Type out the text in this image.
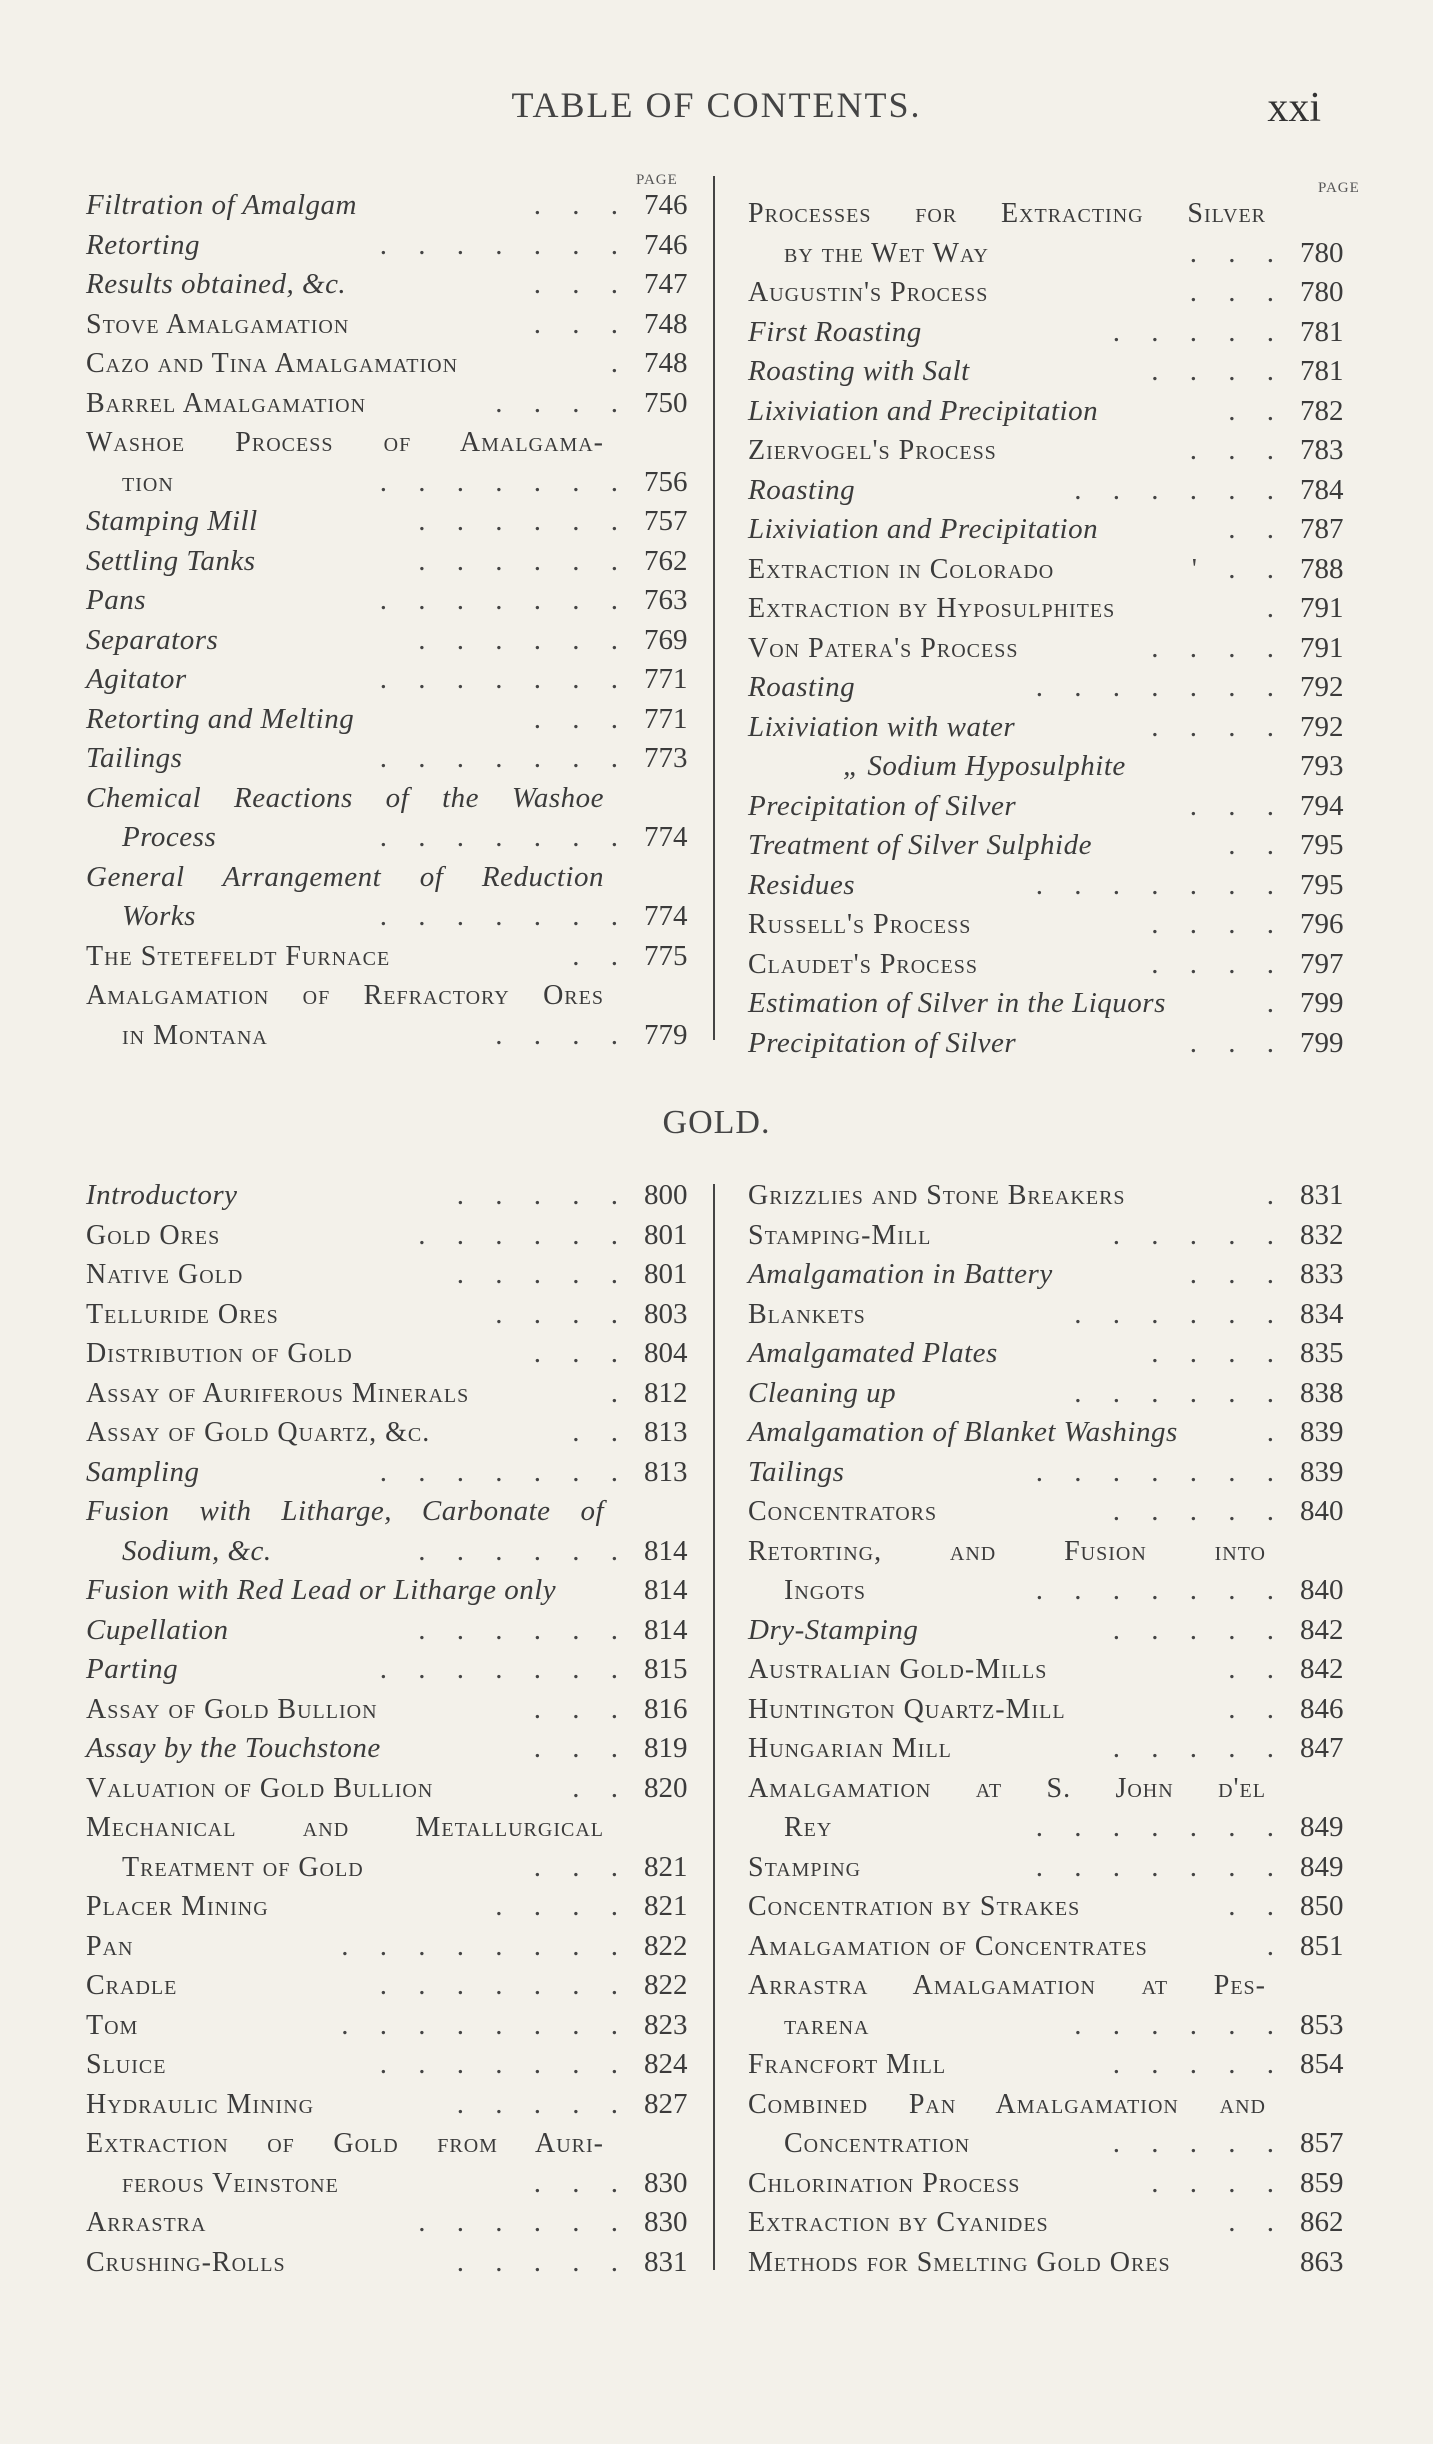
TABLE OF CONTENTS.	xxi
PAGE	PAGE
Filtration of Amalgam	. . . 746
Retorting	. . . . . . . 746
Results obtained, &c.	. . . 747
Stove Amalgamation	. . . 748
Cazo and Tina Amalgamation	. 748
Barrel Amalgamation	. . . . 750
Washoe Process of Amalgama-
tion	. . . . . . . 756
Stamping Mill	. . . . . . 757
Settling Tanks	. . . . . . 762
Pans	. . . . . . . 763
Separators	. . . . . . 769
Agitator	. . . . . . . 771
Retorting and Melting	. . . 771
Tailings	. . . . . . . 773
Chemical Reactions of the Washoe
Process	. . . . . . . 774
General Arrangement of Reduction
Works	. . . . . . . 774
The Stetefeldt Furnace	. . 775
Amalgamation of Refractory Ores
in Montana	. . . . 779
Processes for Extracting Silver
by the Wet Way	. . . 780
Augustin's Process	. . . 780
First Roasting	. . . . . 781
Roasting with Salt	. . . . 781
Lixiviation and Precipitation	. . 782
Ziervogel's Process	. . . 783
Roasting	. . . . . . 784
Lixiviation and Precipitation	. . 787
Extraction in Colorado	' . . 788
Extraction by Hyposulphites	. 791
Von Patera's Process	. . . . 791
Roasting	. . . . . . . 792
Lixiviation with water	. . . . 792
„ Sodium Hyposulphite	793
Precipitation of Silver	. . . 794
Treatment of Silver Sulphide	. . 795
Residues	. . . . . . . 795
Russell's Process	. . . . 796
Claudet's Process	. . . . 797
Estimation of Silver in the Liquors	. 799
Precipitation of Silver	. . . 799
GOLD.
Introductory	. . . . . 800
Gold Ores	. . . . . . 801
Native Gold	. . . . . 801
Telluride Ores	. . . . 803
Distribution of Gold	. . . 804
Assay of Auriferous Minerals	. 812
Assay of Gold Quartz, &c.	. . 813
Sampling	. . . . . . . 813
Fusion with Litharge, Carbonate of
Sodium, &c.	. . . . . . 814
Fusion with Red Lead or Litharge only	814
Cupellation	. . . . . . 814
Parting	. . . . . . . 815
Assay of Gold Bullion	. . . 816
Assay by the Touchstone	. . . 819
Valuation of Gold Bullion	. . 820
Mechanical and Metallurgical
Treatment of Gold	. . . 821
Placer Mining	. . . . 821
Pan	. . . . . . . . 822
Cradle	. . . . . . . 822
Tom	. . . . . . . . 823
Sluice	. . . . . . . 824
Hydraulic Mining	. . . . . 827
Extraction of Gold from Auri-
ferous Veinstone	. . . 830
Arrastra	. . . . . . 830
Crushing-Rolls	. . . . . 831
Grizzlies and Stone Breakers	. 831
Stamping-Mill	. . . . . 832
Amalgamation in Battery	. . . 833
Blankets	. . . . . . 834
Amalgamated Plates	. . . . 835
Cleaning up	. . . . . . 838
Amalgamation of Blanket Washings	. 839
Tailings	. . . . . . . 839
Concentrators	. . . . . 840
Retorting, and Fusion into
Ingots	. . . . . . . 840
Dry-Stamping	. . . . . 842
Australian Gold-Mills	. . 842
Huntington Quartz-Mill	. . 846
Hungarian Mill	. . . . . 847
Amalgamation at S. John d'el
Rey	. . . . . . . 849
Stamping	. . . . . . . 849
Concentration by Strakes	. . 850
Amalgamation of Concentrates	. 851
Arrastra Amalgamation at Pes-
tarena	. . . . . . 853
Francfort Mill	. . . . . 854
Combined Pan Amalgamation and
Concentration	. . . . . 857
Chlorination Process	. . . . 859
Extraction by Cyanides	. . 862
Methods for Smelting Gold Ores	863
